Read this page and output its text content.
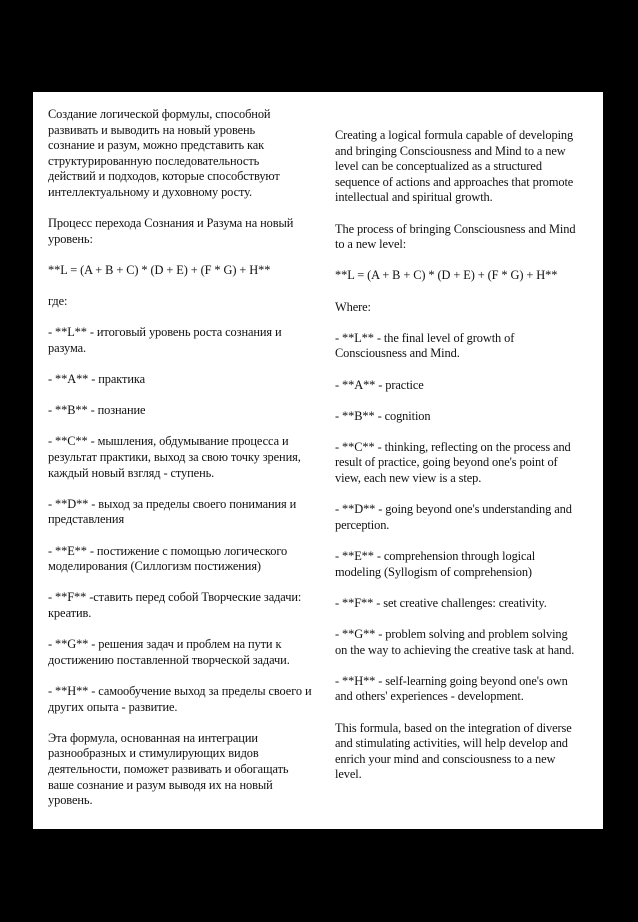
Создание логической формулы, способной
развивать и выводить на новый уровень
сознание и разум, можно представить как
структурированную последовательность
действий и подходов, которые способствуют
интеллектуальному и духовному росту.

Процесс перехода Сознания и Разума на новый
уровень:

**L = (A + B + C) * (D + E) + (F * G) + H**

где:

- **L** - итоговый уровень роста сознания и
разума.

- **A** - практика

- **B** - познание

- **C** - мышления, обдумывание процесса и
результат практики, выход за свою точку зрения,
каждый новый взгляд - ступень.

- **D** - выход за пределы своего понимания и
представления

- **E** - постижение с помощью логического
моделирования (Силлогизм постижения)

- **F** -ставить перед собой Творческие задачи:
креатив.

- **G** - решения задач и проблем на пути к
достижению поставленной творческой задачи.

- **H** - самообучение выход за пределы своего и
других опыта - развитие.

Эта формула, основанная на интеграции
разнообразных и стимулирующих видов
деятельности, поможет развивать и обогащать
ваше сознание и разум выводя их на новый
уровень.

Creating a logical formula capable of developing
and bringing Consciousness and Mind to a new
level can be conceptualized as a structured
sequence of actions and approaches that promote
intellectual and spiritual growth.

The process of bringing Consciousness and Mind
to a new level:

**L = (A + B + C) * (D + E) + (F * G) + H**

Where:

- **L** - the final level of growth of
Consciousness and Mind.

- **A** - practice

- **B** - cognition

- **C** - thinking, reflecting on the process and
result of practice, going beyond one's point of
view, each new view is a step.

- **D** - going beyond one's understanding and
perception.

- **E** - comprehension through logical
modeling (Syllogism of comprehension)

- **F** - set creative challenges: creativity.

- **G** - problem solving and problem solving
on the way to achieving the creative task at hand.

- **H** - self-learning going beyond one's own
and others' experiences - development.

This formula, based on the integration of diverse
and stimulating activities, will help develop and
enrich your mind and consciousness to a new
level.
